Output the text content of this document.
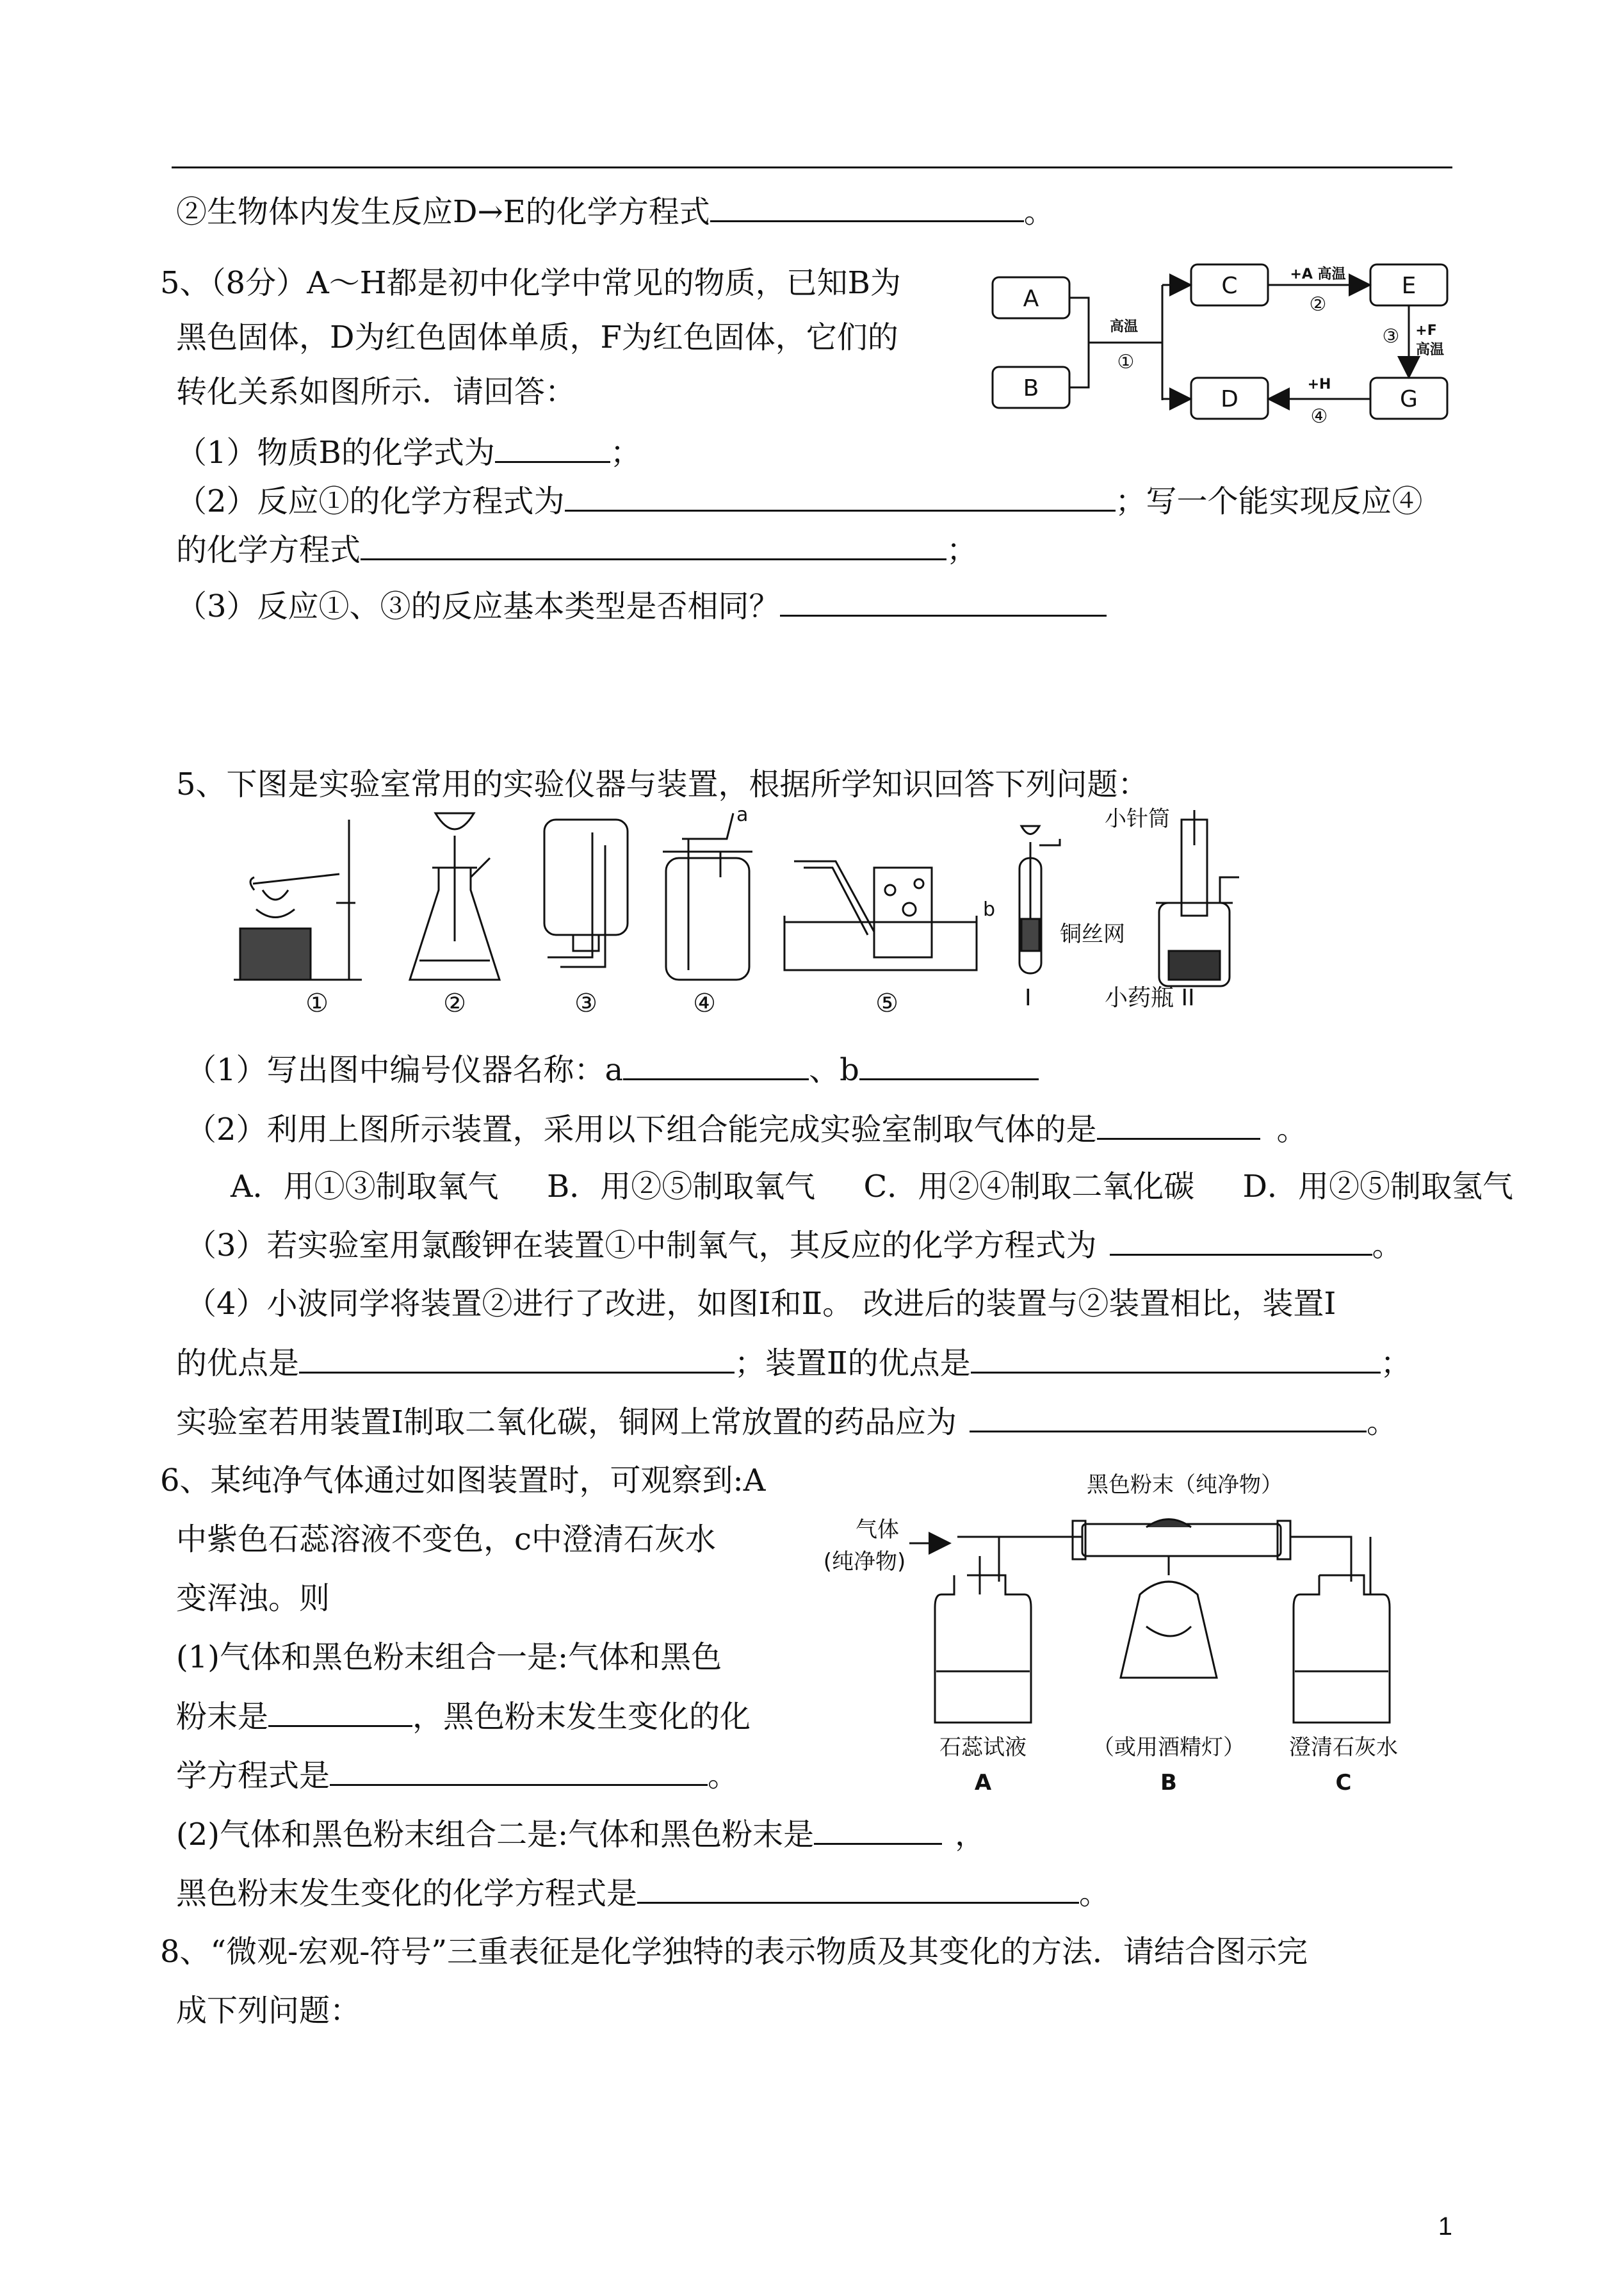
②生物体内发生反应D→E的化学方程式	。
5、（8分）A～H都是初中化学中常见的物质，已知B为
黑色固体，D为红色固体单质，F为红色固体，它们的
转化关系如图所示．请回答：
（1）物质B的化学式为	；
（2）反应①的化学方程式为	；写一个能实现反应④
的化学方程式	；
（3）反应①、③的反应基本类型是否相同？
A
B
C	E
D	G
高温
①
+A 高温
②
③ +F
高温
+H
④
5、下图是实验室常用的实验仪器与装置，根据所学知识回答下列问题：
①	②	③	④	⑤
a
b
I	小药瓶 II
小针筒
铜丝网
（1）写出图中编号仪器名称：a	、b
（2）利用上图所示装置，采用以下组合能完成实验室制取气体的是	。
A．用①③制取氧气 B．用②⑤制取氧气 C．用②④制取二氧化碳 D．用②⑤制取氢气
（3）若实验室用氯酸钾在装置①中制氧气，其反应的化学方程式为	。
（4）小波同学将装置②进行了改进，如图Ⅰ和Ⅱ。 改进后的装置与②装置相比，装置Ⅰ
的优点是	；装置Ⅱ的优点是	；
实验室若用装置Ⅰ制取二氧化碳，铜网上常放置的药品应为	。
6、某纯净气体通过如图装置时，可观察到:A
中紫色石蕊溶液不变色，c中澄清石灰水
变浑浊。则
(1)气体和黑色粉末组合一是:气体和黑色
粉末是	，黑色粉末发生变化的化
学方程式是	。
(2)气体和黑色粉末组合二是:气体和黑色粉末是	，
黑色粉末发生变化的化学方程式是	。
气体
(纯净物)
黑色粉末（纯净物）
石蕊试液	（或用酒精灯） 澄清石灰水
A	B	C
8、“微观-宏观-符号”三重表征是化学独特的表示物质及其变化的方法．请结合图示完
成下列问题：
1
